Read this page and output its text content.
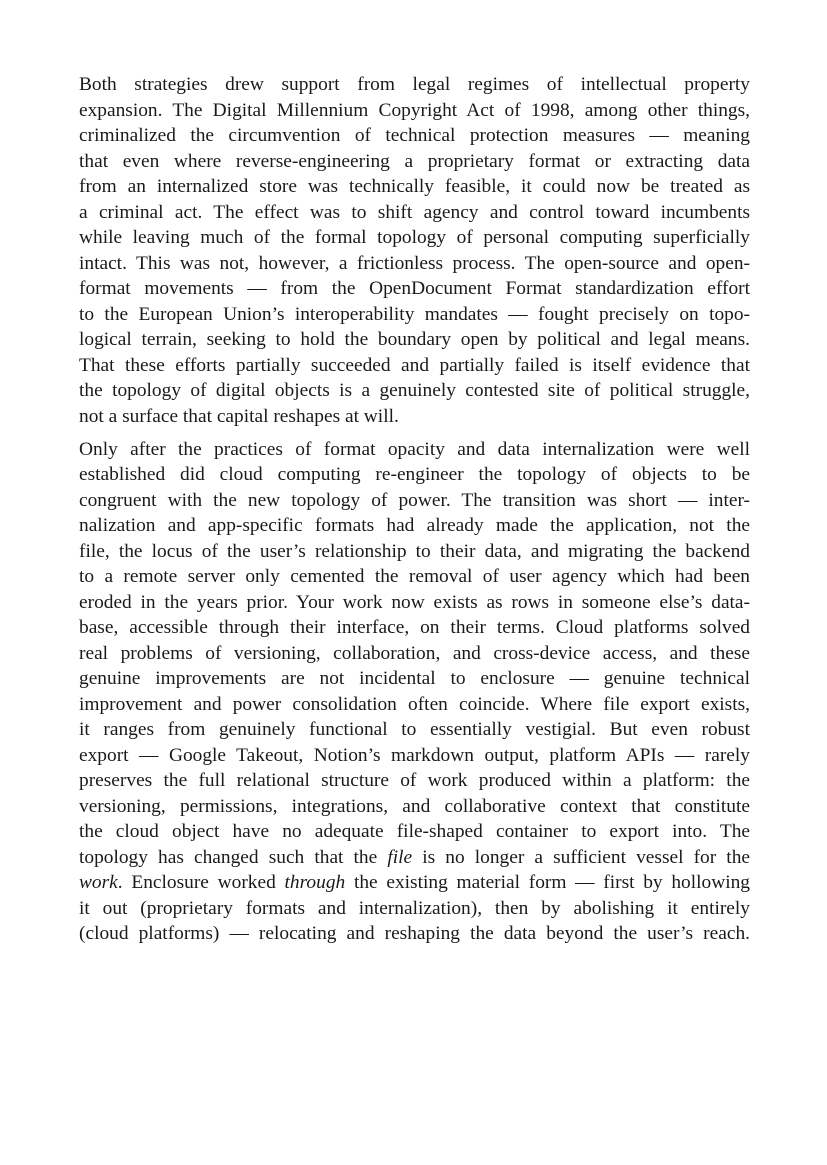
Both strategies drew support from legal regimes of intellectual property
expansion. The Digital Millennium Copyright Act of 1998, among other things,
criminalized the circumvention of technical protection measures — meaning
that even where reverse-engineering a proprietary format or extracting data
from an internalized store was technically feasible, it could now be treated as
a criminal act. The effect was to shift agency and control toward incumbents
while leaving much of the formal topology of personal computing superficially
intact. This was not, however, a frictionless process. The open-source and open-
format movements — from the OpenDocument Format standardization effort
to the European Union’s interoperability mandates — fought precisely on topo-
logical terrain, seeking to hold the boundary open by political and legal means.
That these efforts partially succeeded and partially failed is itself evidence that
the topology of digital objects is a genuinely contested site of political struggle,
not a surface that capital reshapes at will.
Only after the practices of format opacity and data internalization were well
established did cloud computing re-engineer the topology of objects to be
congruent with the new topology of power. The transition was short — inter-
nalization and app-specific formats had already made the application, not the
file, the locus of the user’s relationship to their data, and migrating the backend
to a remote server only cemented the removal of user agency which had been
eroded in the years prior. Your work now exists as rows in someone else’s data-
base, accessible through their interface, on their terms. Cloud platforms solved
real problems of versioning, collaboration, and cross-device access, and these
genuine improvements are not incidental to enclosure — genuine technical
improvement and power consolidation often coincide. Where file export exists,
it ranges from genuinely functional to essentially vestigial. But even robust
export — Google Takeout, Notion’s markdown output, platform APIs — rarely
preserves the full relational structure of work produced within a platform: the
versioning, permissions, integrations, and collaborative context that constitute
the cloud object have no adequate file-shaped container to export into. The
topology has changed such that the file is no longer a sufficient vessel for the
work. Enclosure worked through the existing material form — first by hollowing
it out (proprietary formats and internalization), then by abolishing it entirely
(cloud platforms) — relocating and reshaping the data beyond the user’s reach.
